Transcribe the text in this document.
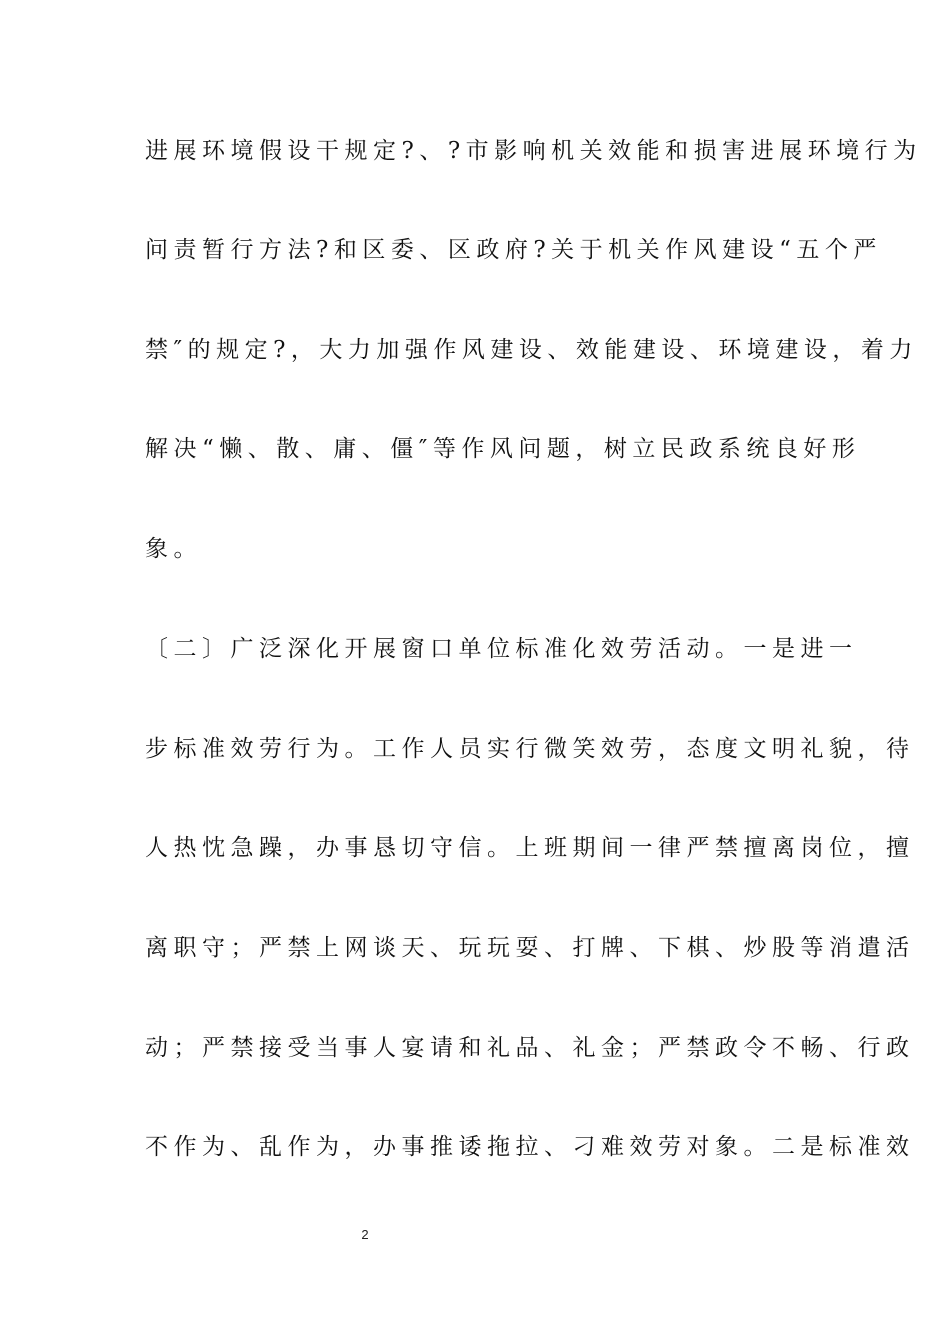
进展环境假设干规定?、?市影响机关效能和损害进展环境行为
问责暂行方法?和区委、区政府?关于机关作风建设“五个严
禁″的规定?，大力加强作风建设、效能建设、环境建设，着力
解决“懒、散、庸、僵″等作风问题，树立民政系统良好形
象。
〔二〕广泛深化开展窗口单位标准化效劳活动。一是进一
步标准效劳行为。工作人员实行微笑效劳，态度文明礼貌，待
人热忱急躁，办事恳切守信。上班期间一律严禁擅离岗位，擅
离职守；严禁上网谈天、玩玩耍、打牌、下棋、炒股等消遣活
动；严禁接受当事人宴请和礼品、礼金；严禁政令不畅、行政
不作为、乱作为，办事推诿拖拉、刁难效劳对象。二是标准效
2
